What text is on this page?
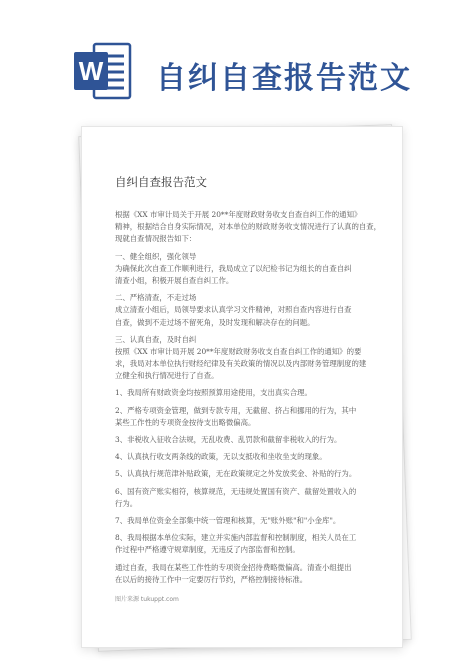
W 自纠自查报告范文
自纠自查报告范文
根据《XX 市审计局关于开展 20**年度财政财务收支自查自纠工作的通知》
精神，根据结合自身实际情况，对本单位的财政财务收支情况进行了认真的自查，
现就自查情况报告如下：
一、健全组织，强化领导
为确保此次自查工作顺利进行，我局成立了以纪检书记为组长的自查自纠
清查小组，积极开展自查自纠工作。
二、严格清查，不走过场
成立清查小组后，局领导要求认真学习文件精神，对照自查内容进行自查
自查，做到不走过场不留死角，及时发现和解决存在的问题。
三、认真自查，及时自纠
按照《XX 市审计局开展 20**年度财政财务收支自查自纠工作的通知》的要
求，我局对本单位执行财经纪律及有关政策的情况以及内部财务管理制度的建
立健全和执行情况进行了自查。
1、我局所有财政资金均按照预算用途使用，支出真实合理。
2、严格专项资金管理，做到专款专用，无截留、挤占和挪用的行为，其中
某些工作性的专项资金按待支出略微偏高。
3、非税收入征收合法规，无乱收费、乱罚款和截留非税收入的行为。
4、认真执行收支两条线的政策，无以支抵收和坐收坐支的现象。
5、认真执行规范津补贴政策，无在政策规定之外发放奖金、补贴的行为。
6、国有资产账实相符，核算规范，无违规处置国有资产、截留处置收入的
行为。
7、我局单位资金全部集中统一管理和核算，无"账外账"和"小金库"。
8、我局根据本单位实际，建立并实施内部监督和控制制度，相关人员在工
作过程中严格遵守规章制度，无违反了内部监督和控制。
通过自查，我局在某些工作性的专项资金招待费略微偏高。清查小组提出
在以后的接待工作中一定要厉行节约，严格控制接待标准。
图片来源 tukuppt.com
